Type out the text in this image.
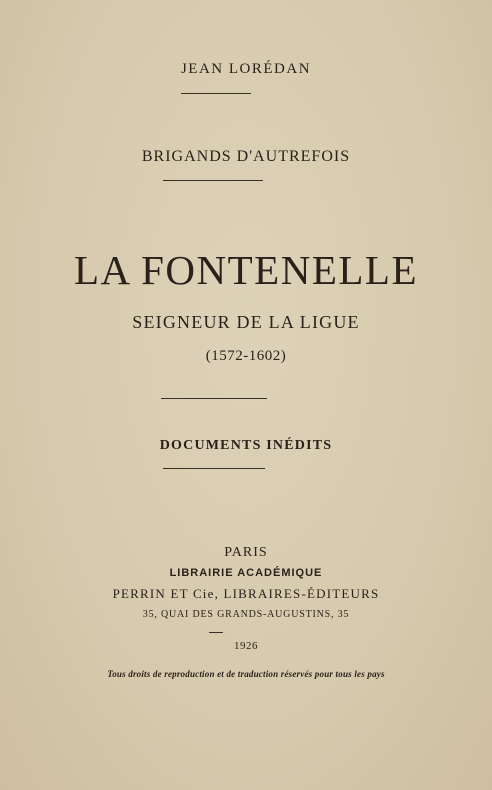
JEAN LORÉDAN
BRIGANDS D'AUTREFOIS
LA FONTENELLE
SEIGNEUR DE LA LIGUE
(1572-1602)
DOCUMENTS INÉDITS
PARIS
LIBRAIRIE ACADÉMIQUE
PERRIN ET Cie, LIBRAIRES-ÉDITEURS
35, QUAI DES GRANDS-AUGUSTINS, 35
1926
Tous droits de reproduction et de traduction réservés pour tous les pays
